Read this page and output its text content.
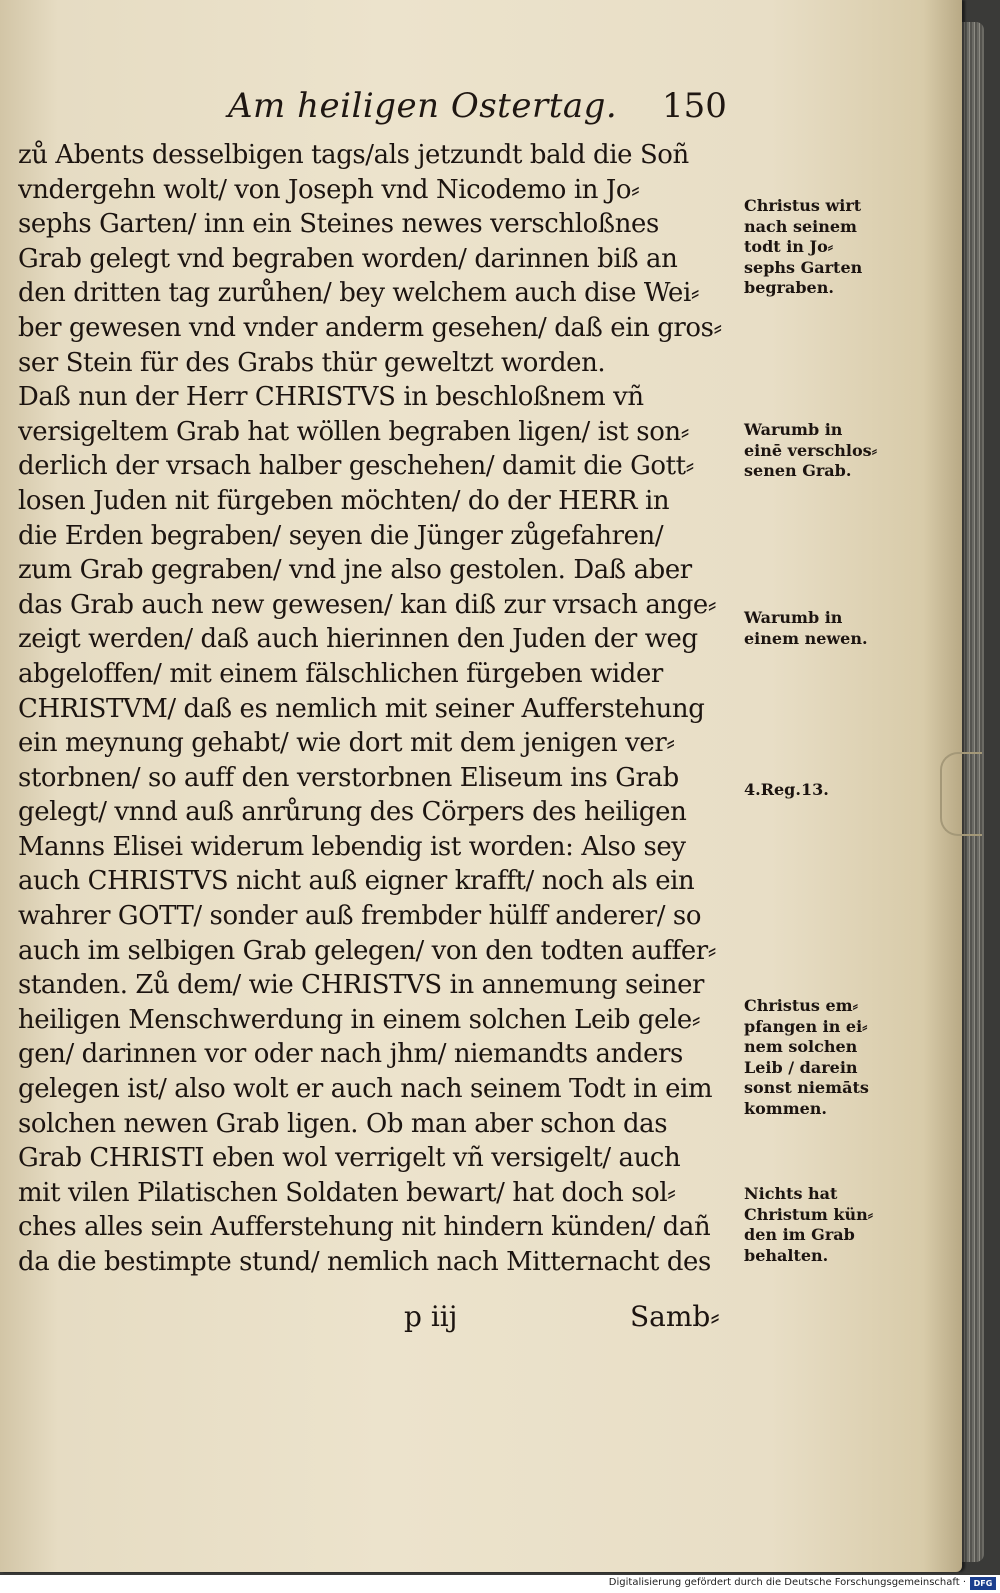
Am heiligen Ostertag. 150
zů Abents desselbigen tags/als jetzundt bald die Soñ
vndergehn wolt/ von Joseph vnd Nicodemo in Jo⸗
sephs Garten/ inn ein Steines newes verschloßnes
Grab gelegt vnd begraben worden/ darinnen biß an
den dritten tag zurůhen/ bey welchem auch dise Wei⸗
ber gewesen vnd vnder anderm gesehen/ daß ein gros⸗
ser Stein für des Grabs thür geweltzt worden.
Daß nun der Herr CHRISTVS in beschloßnem vñ
versigeltem Grab hat wöllen begraben ligen/ ist son⸗
derlich der vrsach halber geschehen/ damit die Gott⸗
losen Juden nit fürgeben möchten/ do der HERR in
die Erden begraben/ seyen die Jünger zůgefahren/
zum Grab gegraben/ vnd jne also gestolen. Daß aber
das Grab auch new gewesen/ kan diß zur vrsach ange⸗
zeigt werden/ daß auch hierinnen den Juden der weg
abgeloffen/ mit einem fälschlichen fürgeben wider
CHRISTVM/ daß es nemlich mit seiner Aufferstehung
ein meynung gehabt/ wie dort mit dem jenigen ver⸗
storbnen/ so auff den verstorbnen Eliseum ins Grab
gelegt/ vnnd auß anrůrung des Cörpers des heiligen
Manns Elisei widerum lebendig ist worden: Also sey
auch CHRISTVS nicht auß eigner krafft/ noch als ein
wahrer GOTT/ sonder auß frembder hülff anderer/ so
auch im selbigen Grab gelegen/ von den todten auffer⸗
standen. Zů dem/ wie CHRISTVS in annemung seiner
heiligen Menschwerdung in einem solchen Leib gele⸗
gen/ darinnen vor oder nach jhm/ niemandts anders
gelegen ist/ also wolt er auch nach seinem Todt in eim
solchen newen Grab ligen. Ob man aber schon das
Grab CHRISTI eben wol verrigelt vñ versigelt/ auch
mit vilen Pilatischen Soldaten bewart/ hat doch sol⸗
ches alles sein Aufferstehung nit hindern künden/ dañ
da die bestimpte stund/ nemlich nach Mitternacht des
Christus wirt
nach seinem
todt in Jo⸗
sephs Garten
begraben.
Warumb in
einē verschlos⸗
senen Grab.
Warumb in
einem newen.
4.Reg.13.
Christus em⸗
pfangen in ei⸗
nem solchen
Leib / darein
sonst niemāts
kommen.
Nichts hat
Christum kün⸗
den im Grab
behalten.
p iij	Samb⸗
Digitalisierung gefördert durch die Deutsche Forschungsgemeinschaft · DFG
